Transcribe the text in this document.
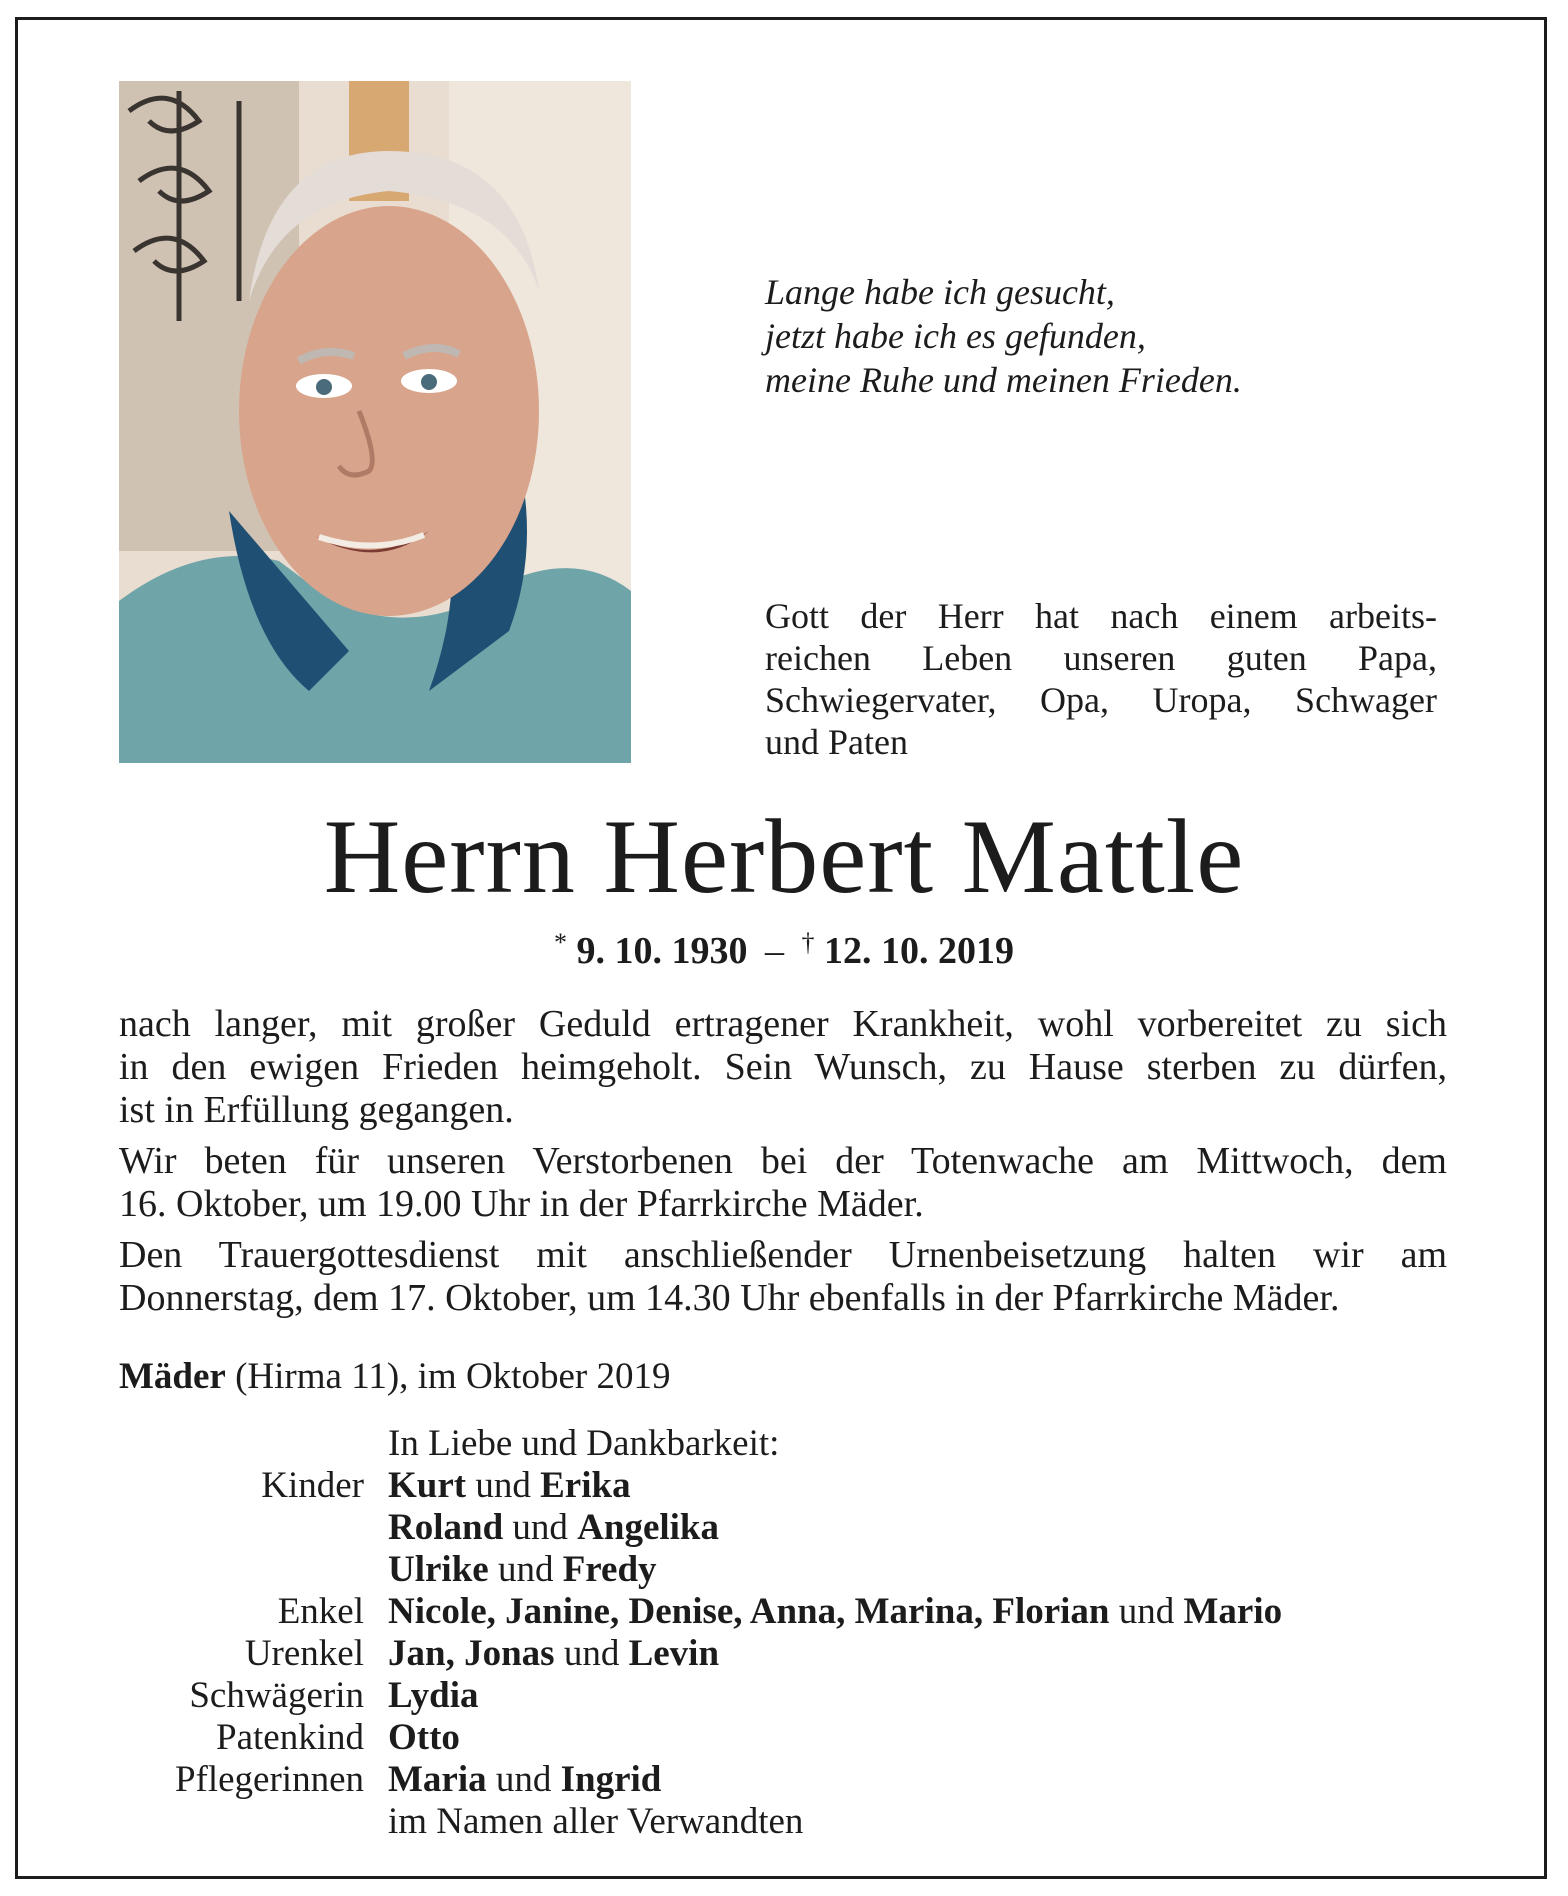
Lange habe ich gesucht,
jetzt habe ich es gefunden,
meine Ruhe und meinen Frieden.
Gott der Herr hat nach einem arbeits-
reichen Leben unseren guten Papa,
Schwiegervater, Opa, Uropa, Schwager
und Paten
Herrn Herbert Mattle
* 9. 10. 1930 – † 12. 10. 2019

nach langer, mit großer Geduld ertragener Krankheit, wohl vorbereitet zu sich
in den ewigen Frieden heimgeholt. Sein Wunsch, zu Hause sterben zu dürfen,
ist in Erfüllung gegangen.

Wir beten für unseren Verstorbenen bei der Totenwache am Mittwoch, dem
16. Oktober, um 19.00 Uhr in der Pfarrkirche Mäder.

Den Trauergottesdienst mit anschließender Urnenbeisetzung halten wir am
Donnerstag, dem 17. Oktober, um 14.30 Uhr ebenfalls in der Pfarrkirche Mäder.

Mäder (Hirma 11), im Oktober 2019
In Liebe und Dankbarkeit:
Kinder Kurt und Erika
Roland und Angelika
Ulrike und Fredy
Enkel Nicole, Janine, Denise, Anna, Marina, Florian und Mario
Urenkel Jan, Jonas und Levin
Schwägerin Lydia
Patenkind Otto
Pflegerinnen Maria und Ingrid
im Namen aller Verwandten
